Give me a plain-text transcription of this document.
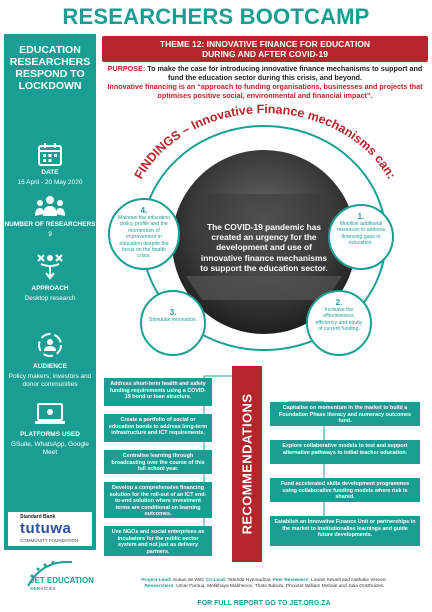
RESEARCHERS BOOTCAMP
EDUCATION RESEARCHERS RESPOND TO LOCKDOWN
DATE
16 April - 20 May 2020
NUMBER OF RESEARCHERS
9
APPROACH
Desktop research
AUDIENCE
Policy makers, investors and donor communities
PLATFORMS USED
GSuite, WhatsApp, Google Meet
Standard Bank
tutuwa
COMMUNITY FOUNDATION
THEME 12: INNOVATIVE FINANCE FOR EDUCATION
DURING AND AFTER COVID-19
PURPOSE: To make the case for introducing innovative finance mechanisms to support and fund the education sector during this crisis, and beyond.
Innovative financing is an “approach to funding organisations, businesses and projects that optimises positive social, environmental and financial impact”.
FINDINGS – Innovative Finance mechanisms can:
The COVID-19 pandemic has created an urgency for the development and use of innovative finance mechanisms to support the education sector.
1.
Mobilise additional resources to address financing gaps in education.
2.
Increase the effectiveness, efficiency and equity of current funding.
3.
Stimulate innovation.
4.
Maintain the education policy profile and the momentum of improvement in education despite the focus on the health crisis.
Address short-term health and safety funding requirements using a COVID-19 bond or loan structure.
Create a portfolio of social or education bonds to address long-term infrastructure and ICT requirements.
Centralise learning through broadcasting over the course of this full school year.
Develop a comprehensive financing solution for the roll-out of an ICT end-to-end solution where investment terms are conditional on learning outcomes.
Use NGOs and social enterprises as incubators for the public sector system and not just as delivery partners.
RECOMMENDATIONS	Capitalise on momentum in the market to build a Foundation Phase literacy and numeracy outcomes fund.
Explore collaborative models to test and support alternative pathways to initial teacher education.
Fund accelerated skills development programmes using collaborative funding models where risk is shared.
Establish an Innovative Finance Unit or partnerships in the market to institutionalise learnings and guide future developments.
JET EDUCATION
SERVICES
Project Lead: Susan de Witt; Co-Lead: Tatenda Nyemudzai; Peer Reviewers: Louise Sewell and Nathalie Vereen;
Researchers: Umar Farouq, Melikhaya Makhence, Thato Babulu, Phouzet William Mehale and Julia Oosthuizen
FOR FULL REPORT GO TO JET.ORG.ZA
